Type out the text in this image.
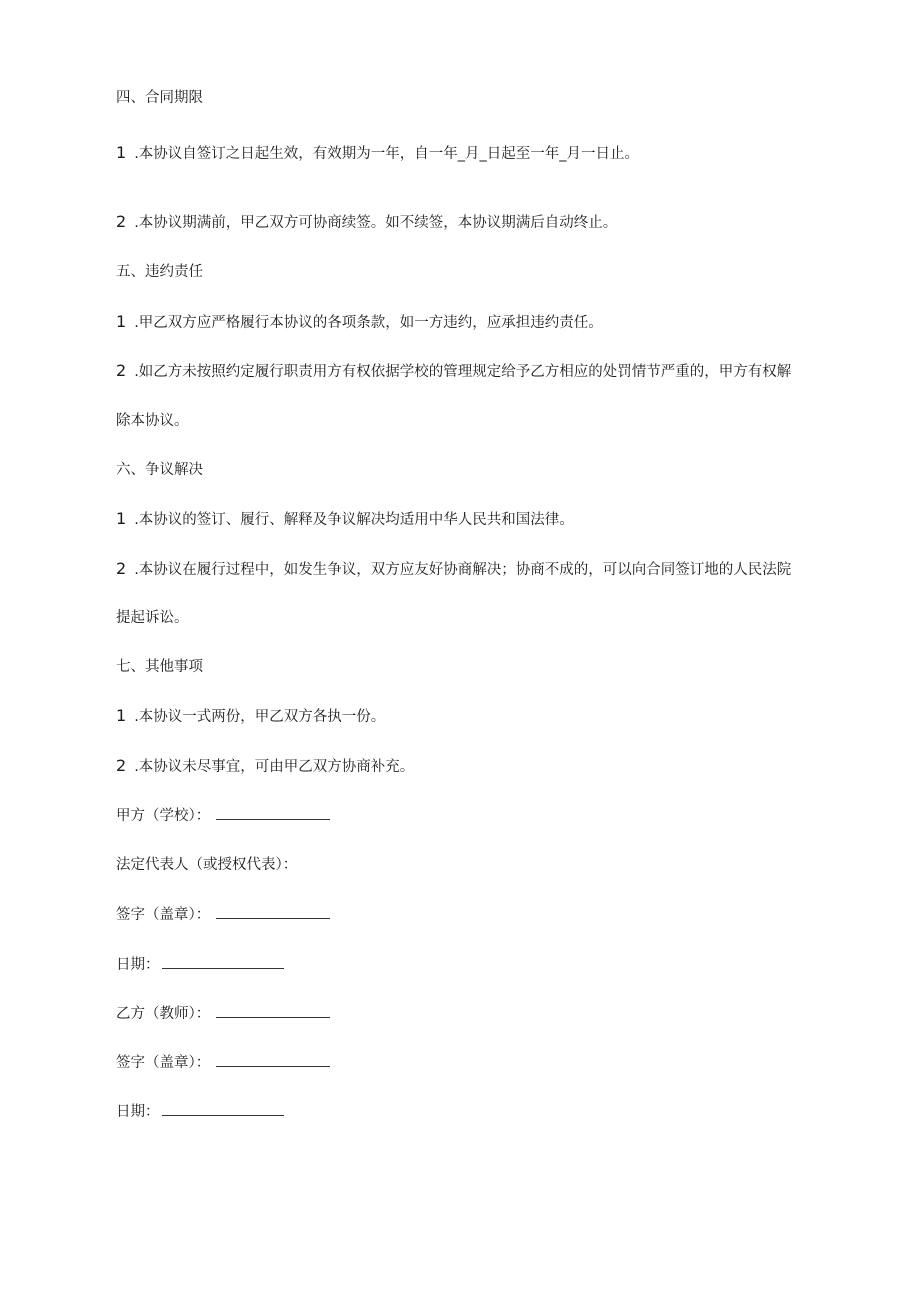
四、合同期限
1 .本协议自签订之日起生效，有效期为一年，自一年_月_日起至一年_月一日止。
2 .本协议期满前，甲乙双方可协商续签。如不续签，本协议期满后自动终止。
五、违约责任
1 .甲乙双方应严格履行本协议的各项条款，如一方违约，应承担违约责任。
2 .如乙方未按照约定履行职责用方有权依据学校的管理规定给予乙方相应的处罚情节严重的，甲方有权解
除本协议。
六、争议解决
1 .本协议的签订、履行、解释及争议解决均适用中华人民共和国法律。
2 .本协议在履行过程中，如发生争议，双方应友好协商解决；协商不成的，可以向合同签订地的人民法院
提起诉讼。
七、其他事项
1 .本协议一式两份，甲乙双方各执一份。
2 .本协议未尽事宜，可由甲乙双方协商补充。
甲方（学校）：
法定代表人（或授权代表）：
签字（盖章）：
日期：
乙方（教师）：
签字（盖章）：
日期：
